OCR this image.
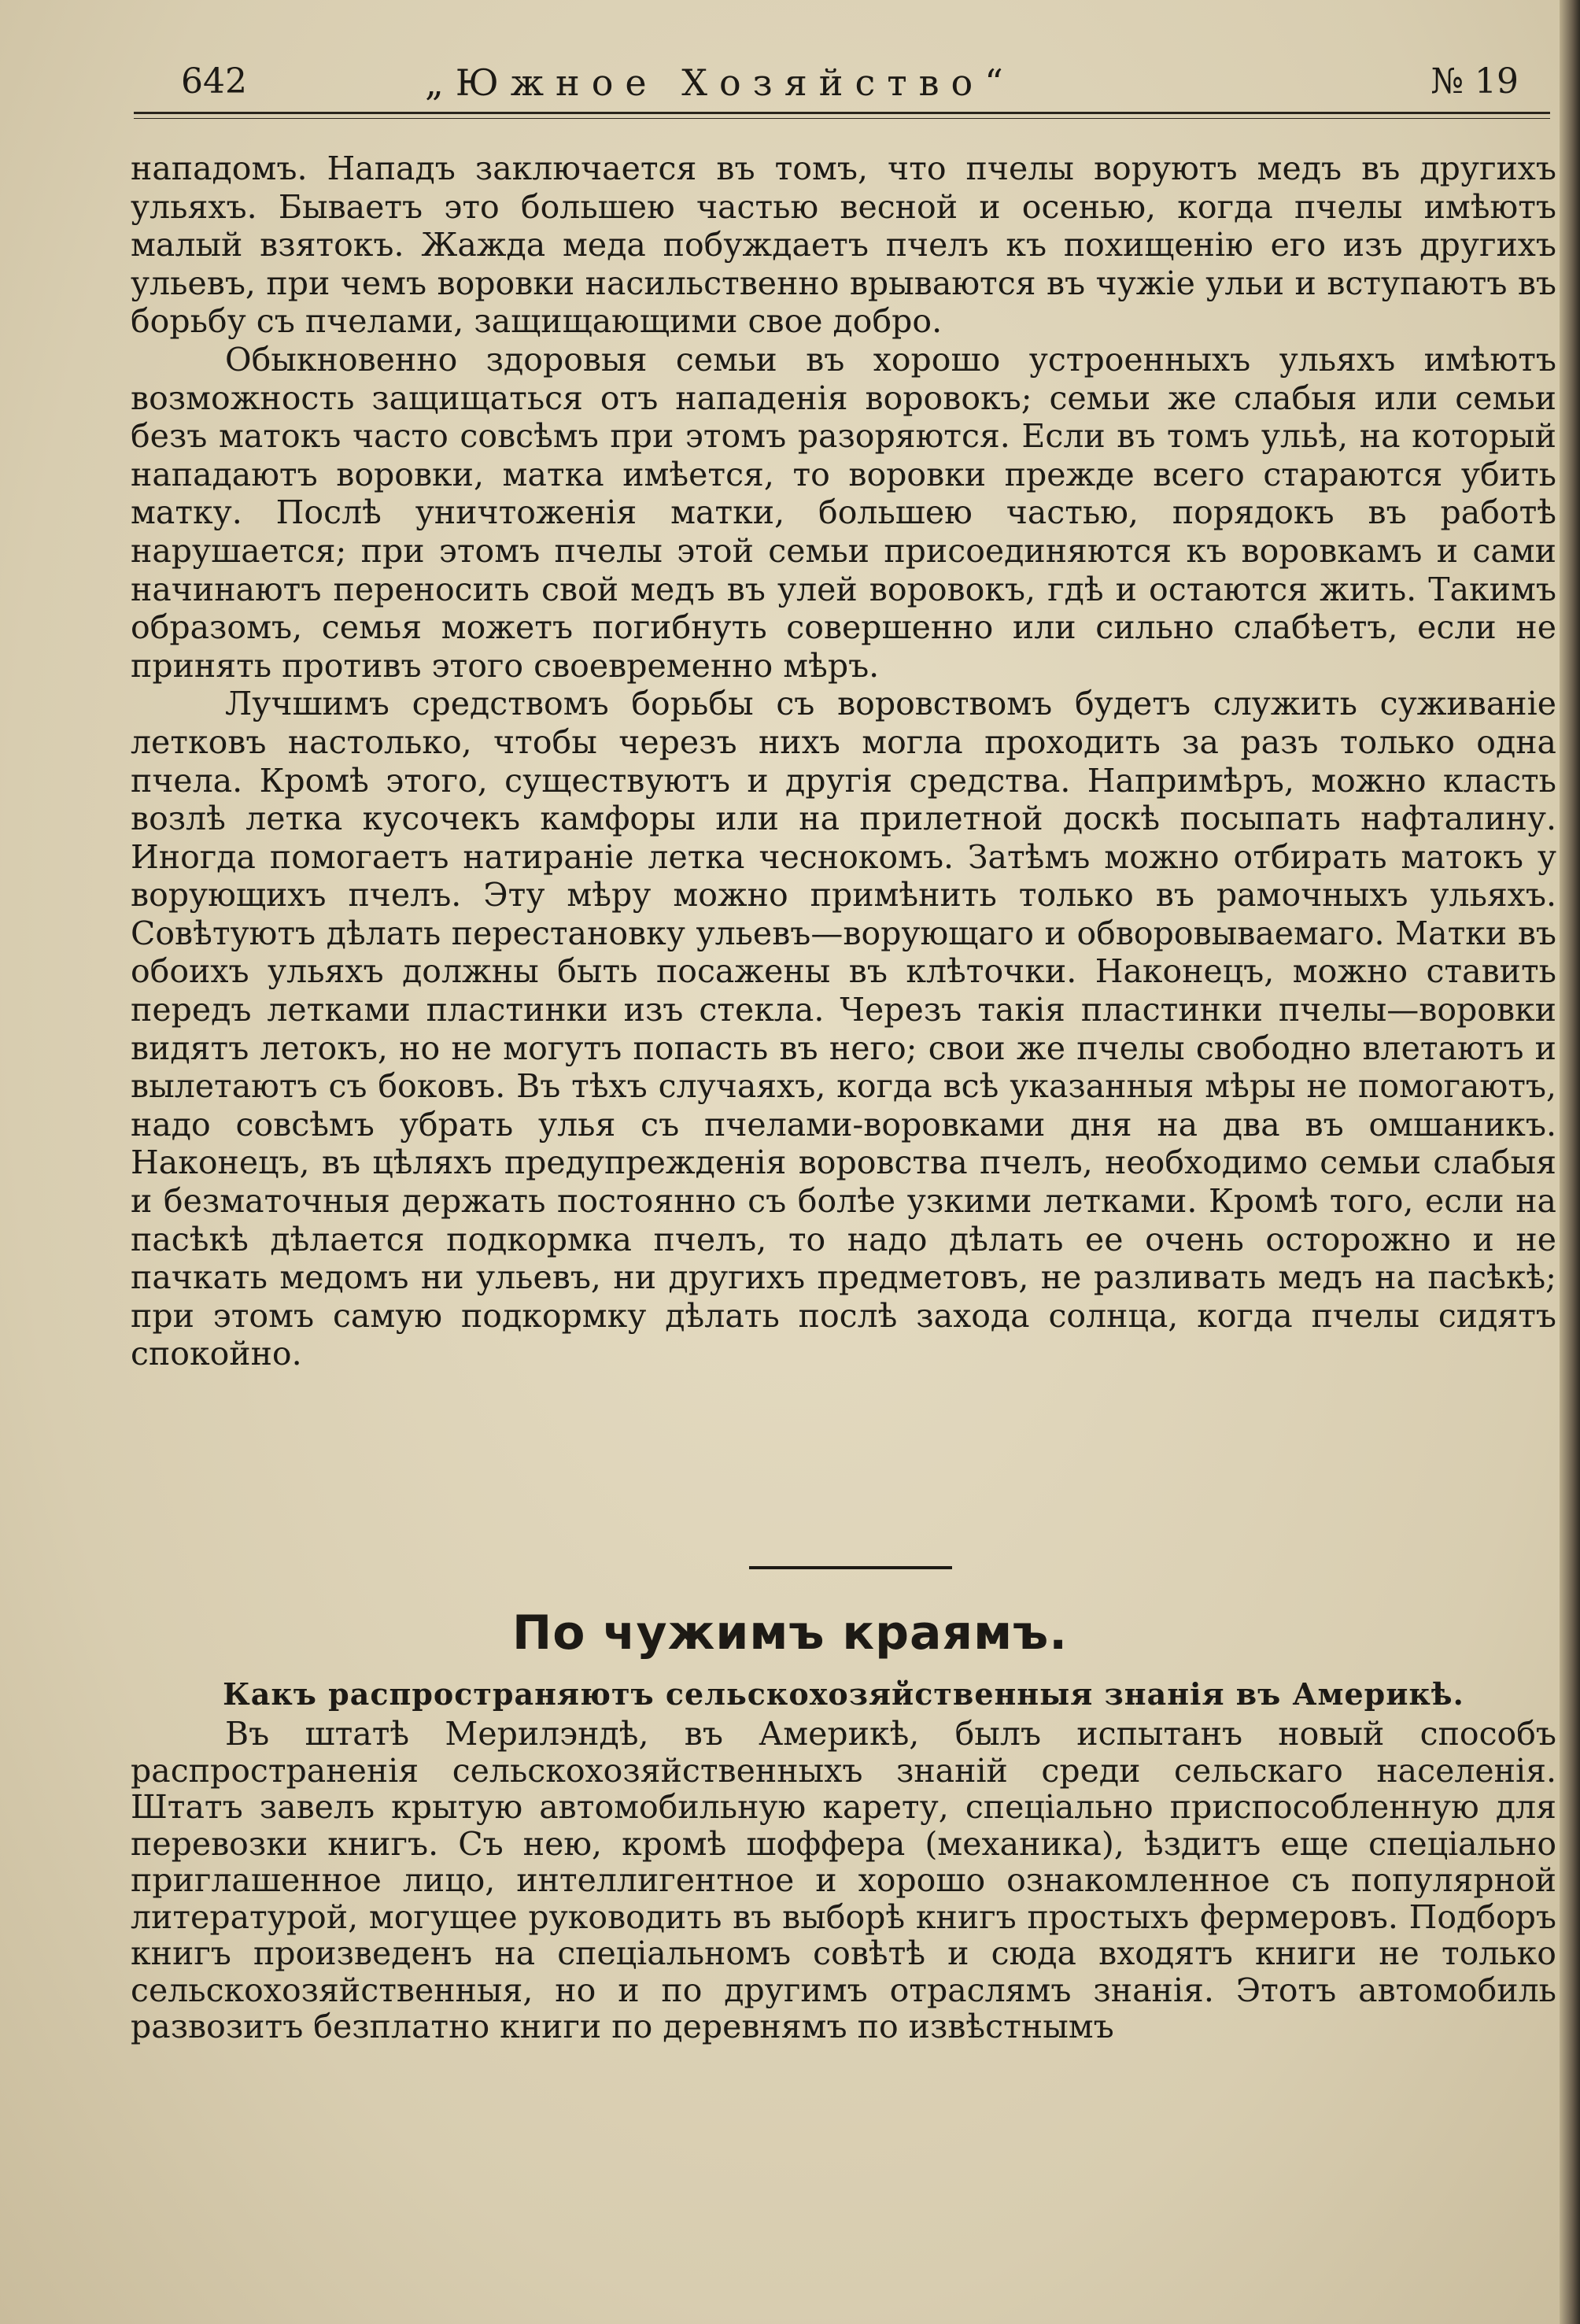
642	„Южное Хозяйство“	№ 19

нападомъ. Нападъ заключается въ томъ, что пчелы воруютъ медъ въ другихъ ульяхъ. Бываетъ это большею частью весной и осенью, когда пчелы имѣютъ малый взятокъ. Жажда меда побуждаетъ пчелъ къ похищенію его изъ другихъ ульевъ, при чемъ воровки насильственно врываются въ чужіе ульи и вступаютъ въ борьбу съ пчелами, защищающими свое добро.

Обыкновенно здоровыя семьи въ хорошо устроенныхъ ульяхъ имѣютъ возможность защищаться отъ нападенія воровокъ; семьи же слабыя или семьи безъ матокъ часто совсѣмъ при этомъ разоряются. Если въ томъ ульѣ, на который нападаютъ воровки, матка имѣется, то воровки прежде всего стараются убить матку. Послѣ уничтоженія матки, большею частью, порядокъ въ работѣ нарушается; при этомъ пчелы этой семьи присоединяются къ воровкамъ и сами начинаютъ переносить свой медъ въ улей воровокъ, гдѣ и остаются жить. Такимъ образомъ, семья можетъ погибнуть совершенно или сильно слабѣетъ, если не принять противъ этого своевременно мѣръ.

Лучшимъ средствомъ борьбы съ воровствомъ будетъ служить суживаніе летковъ настолько, чтобы черезъ нихъ могла проходить за разъ только одна пчела. Кромѣ этого, существуютъ и другія средства. Напримѣръ, можно класть возлѣ летка кусочекъ камфоры или на прилетной доскѣ посыпать нафталину. Иногда помогаетъ натираніе летка чеснокомъ. Затѣмъ можно отбирать матокъ у ворующихъ пчелъ. Эту мѣру можно примѣнить только въ рамочныхъ ульяхъ. Совѣтуютъ дѣлать перестановку ульевъ—ворующаго и обворовываемаго. Матки въ обоихъ ульяхъ должны быть посажены въ клѣточки. Наконецъ, можно ставить передъ летками пластинки изъ стекла. Черезъ такія пластинки пчелы—воровки видятъ летокъ, но не могутъ попасть въ него; свои же пчелы свободно влетаютъ и вылетаютъ съ боковъ. Въ тѣхъ случаяхъ, когда всѣ указанныя мѣры не помогаютъ, надо совсѣмъ убрать улья съ пчелами-воровками дня на два въ омшаникъ. Наконецъ, въ цѣляхъ предупрежденія воровства пчелъ, необходимо семьи слабыя и безматочныя держать постоянно съ болѣе узкими летками. Кромѣ того, если на пасѣкѣ дѣлается подкормка пчелъ, то надо дѣлать ее очень осторожно и не пачкать медомъ ни ульевъ, ни другихъ предметовъ, не разливать медъ на пасѣкѣ; при этомъ самую подкормку дѣлать послѣ захода солнца, когда пчелы сидятъ спокойно.

По чужимъ краямъ.
Какъ распространяютъ сельскохозяйственныя знанія въ Америкѣ.

Въ штатѣ Мерилэндѣ, въ Америкѣ, былъ испытанъ новый способъ распространенія сельскохозяйственныхъ знаній среди сельскаго населенія. Штатъ завелъ крытую автомобильную карету, спеціально приспособленную для перевозки книгъ. Съ нею, кромѣ шоффера (механика), ѣздитъ еще спеціально приглашенное лицо, интеллигентное и хорошо ознакомленное съ популярной литературой, могущее руководить въ выборѣ книгъ простыхъ фермеровъ. Подборъ книгъ произведенъ на спеціальномъ совѣтѣ и сюда входятъ книги не только сельскохозяйственныя, но и по другимъ отраслямъ знанія. Этотъ автомобиль развозитъ безплатно книги по деревнямъ по извѣстнымъ
